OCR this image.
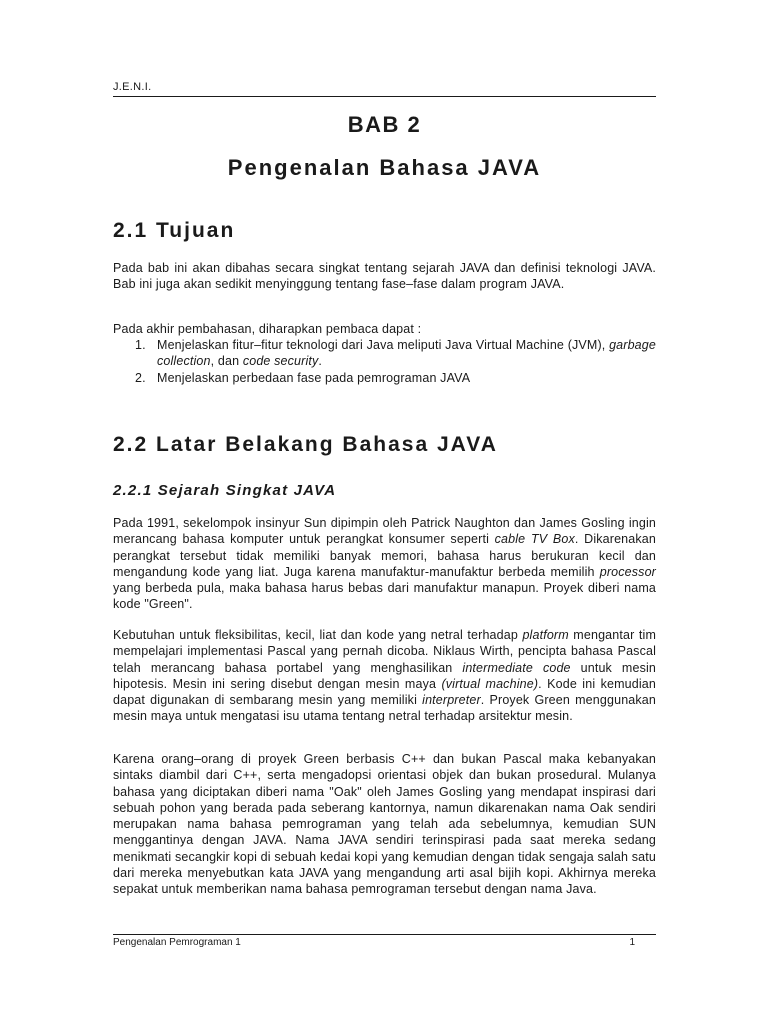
J.E.N.I.
BAB 2
Pengenalan Bahasa JAVA
2.1 Tujuan
Pada bab ini akan dibahas secara singkat tentang sejarah JAVA dan definisi teknologi JAVA. Bab ini juga akan sedikit menyinggung tentang fase–fase dalam program JAVA.
Pada akhir pembahasan, diharapkan pembaca dapat :
1. Menjelaskan fitur–fitur teknologi dari Java meliputi Java Virtual Machine (JVM), garbage collection, dan code security.
2. Menjelaskan perbedaan fase pada pemrograman JAVA
2.2 Latar Belakang Bahasa JAVA
2.2.1 Sejarah Singkat JAVA
Pada 1991, sekelompok insinyur Sun dipimpin oleh Patrick Naughton dan James Gosling ingin merancang bahasa komputer untuk perangkat konsumer seperti cable TV Box. Dikarenakan perangkat tersebut tidak memiliki banyak memori, bahasa harus berukuran kecil dan mengandung kode yang liat. Juga karena manufaktur-manufaktur berbeda memilih processor yang berbeda pula, maka bahasa harus bebas dari manufaktur manapun. Proyek diberi nama kode "Green".
Kebutuhan untuk fleksibilitas, kecil, liat dan kode yang netral terhadap platform mengantar tim mempelajari implementasi Pascal yang pernah dicoba. Niklaus Wirth, pencipta bahasa Pascal telah merancang bahasa portabel yang menghasilikan intermediate code untuk mesin hipotesis. Mesin ini sering disebut dengan mesin maya (virtual machine). Kode ini kemudian dapat digunakan di sembarang mesin yang memiliki interpreter. Proyek Green menggunakan mesin maya untuk mengatasi isu utama tentang netral terhadap arsitektur mesin.
Karena orang–orang di proyek Green berbasis C++ dan bukan Pascal maka kebanyakan sintaks diambil dari C++, serta mengadopsi orientasi objek dan bukan prosedural. Mulanya bahasa yang diciptakan diberi nama "Oak" oleh James Gosling yang mendapat inspirasi dari sebuah pohon yang berada pada seberang kantornya, namun dikarenakan nama Oak sendiri merupakan nama bahasa pemrograman yang telah ada sebelumnya, kemudian SUN menggantinya dengan JAVA. Nama JAVA sendiri terinspirasi pada saat mereka sedang menikmati secangkir kopi di sebuah kedai kopi yang kemudian dengan tidak sengaja salah satu dari mereka menyebutkan kata JAVA yang mengandung arti asal bijih kopi. Akhirnya mereka sepakat untuk memberikan nama bahasa pemrograman tersebut dengan nama Java.
Pengenalan Pemrograman 1	1
